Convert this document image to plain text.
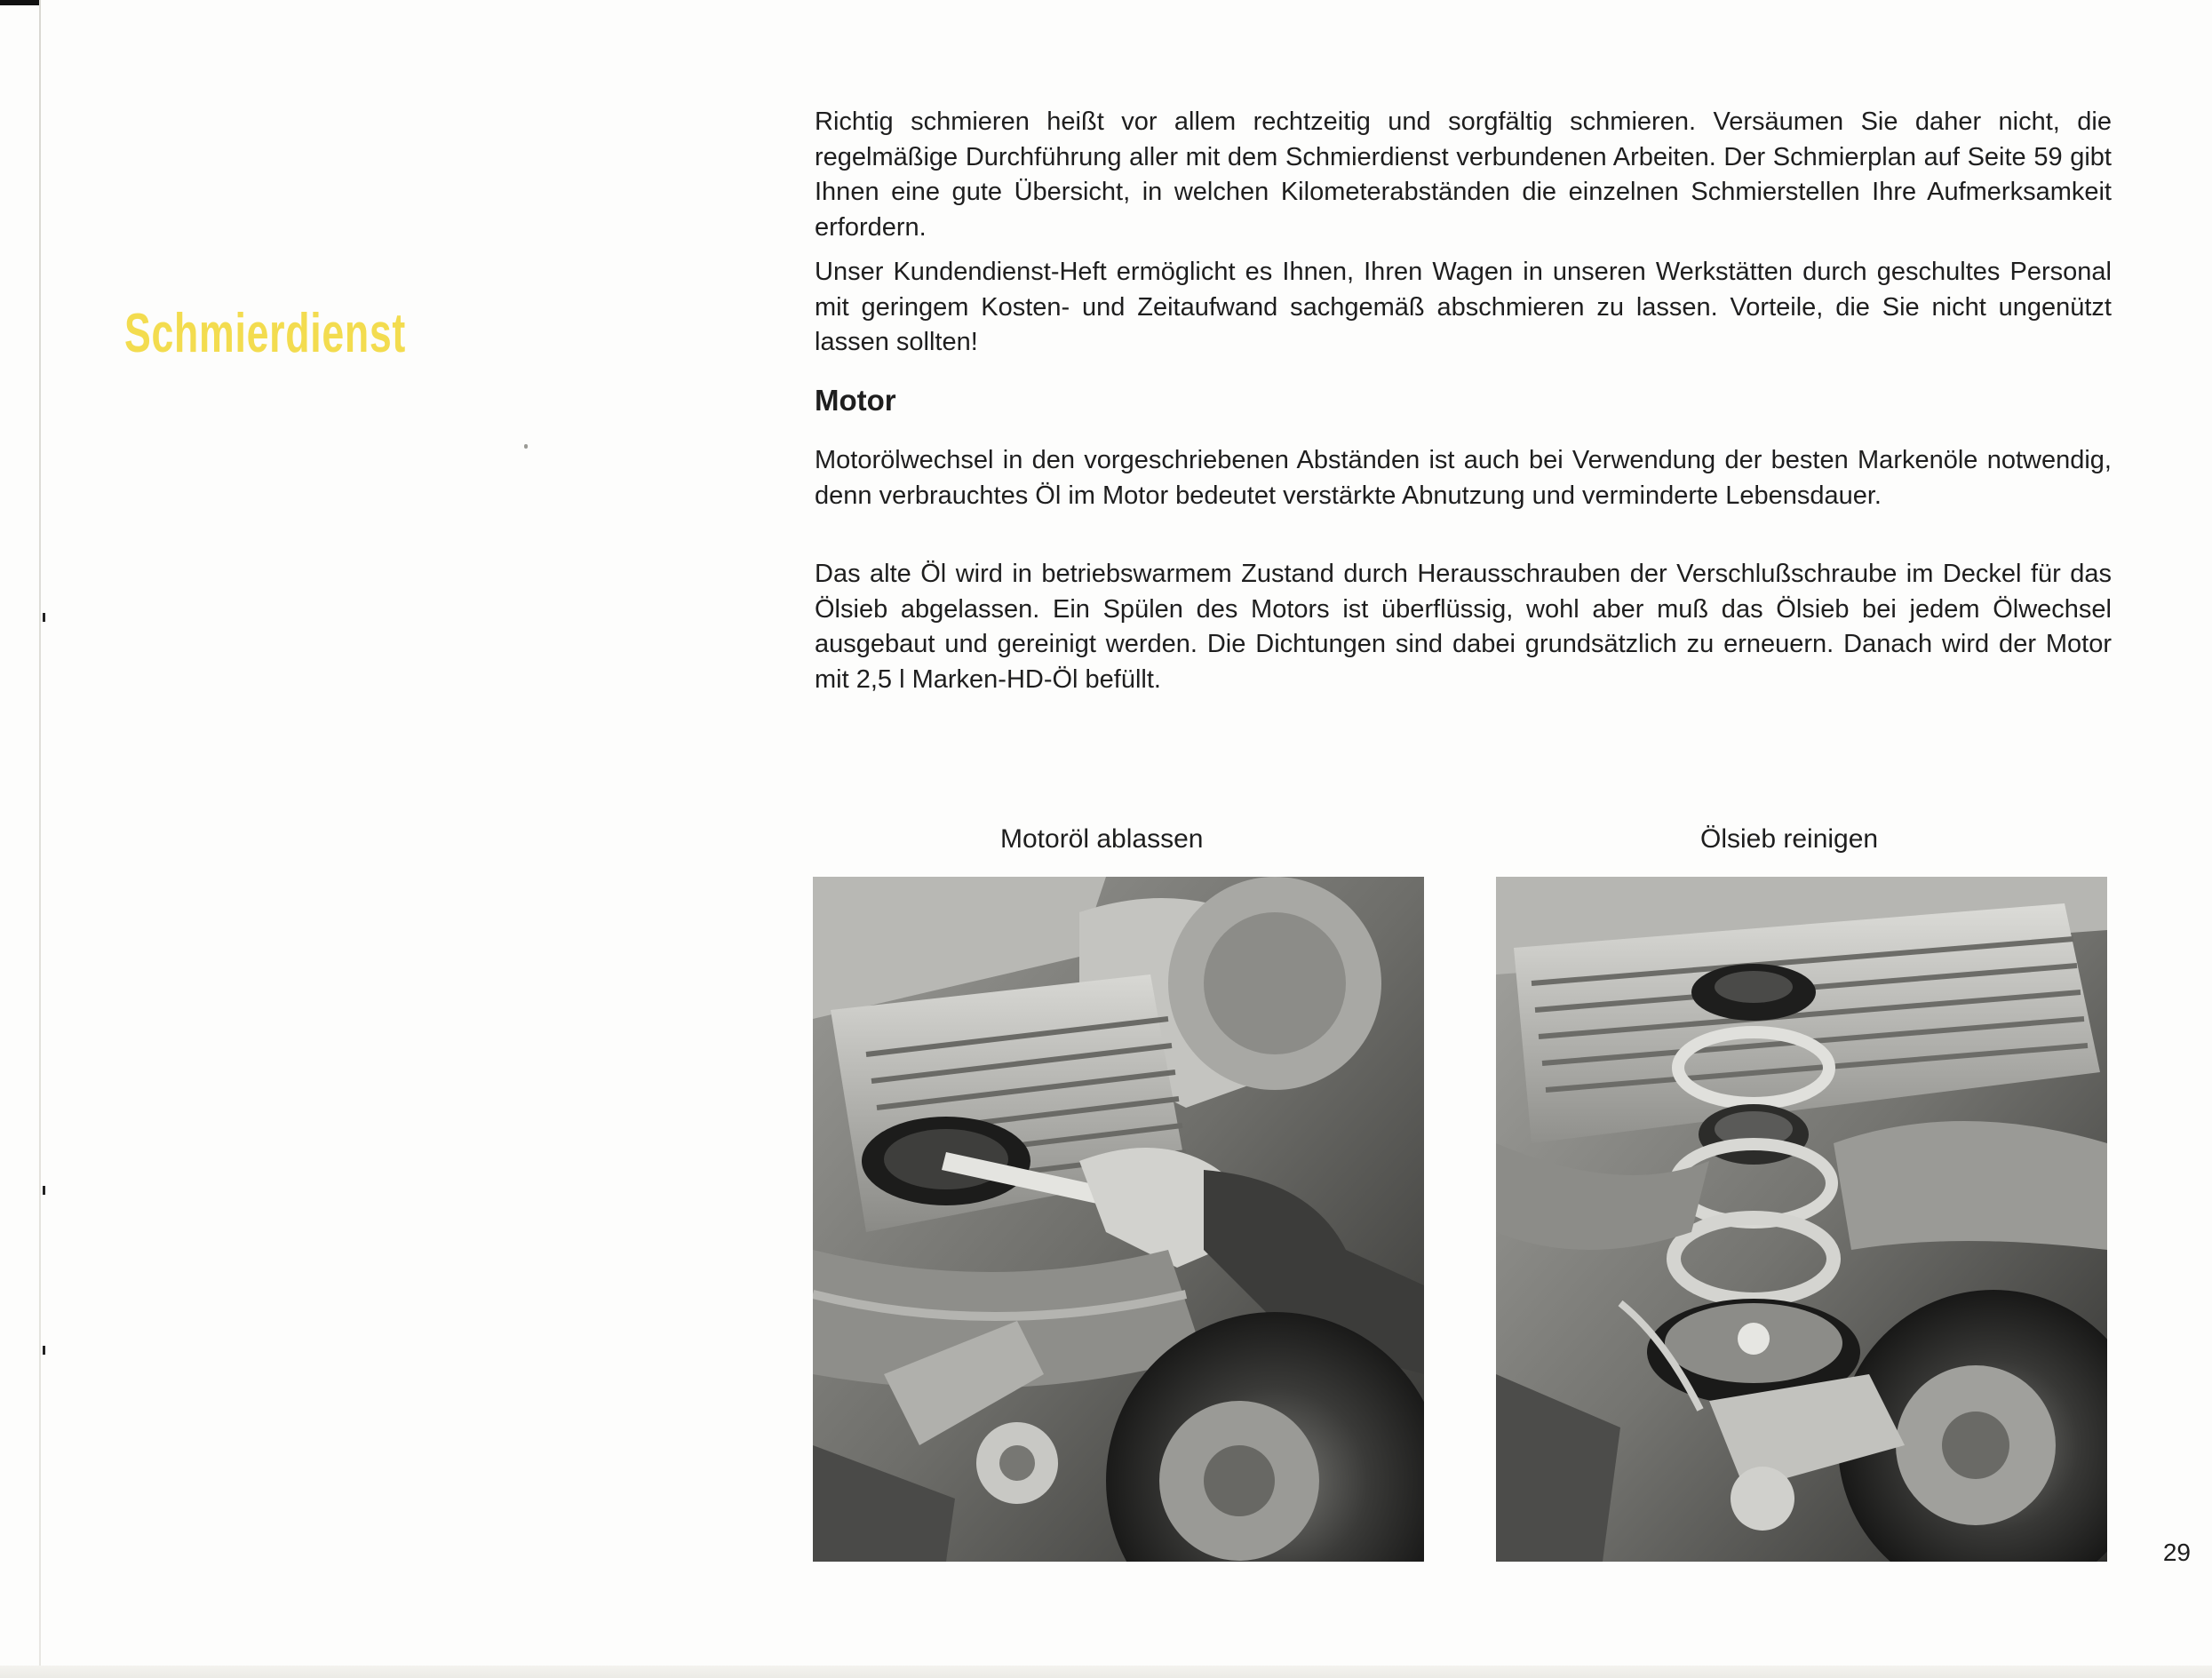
Schmierdienst

Richtig schmieren heißt vor allem rechtzeitig und sorgfältig schmieren. Versäumen Sie daher nicht, die regelmäßige Durchführung aller mit dem Schmierdienst verbundenen Arbeiten. Der Schmierplan auf Seite 59 gibt Ihnen eine gute Übersicht, in welchen Kilometerabständen die einzelnen Schmierstellen Ihre Aufmerksamkeit erfordern.

Unser Kundendienst-Heft ermöglicht es Ihnen, Ihren Wagen in unseren Werkstätten durch geschultes Personal mit geringem Kosten- und Zeitaufwand sachgemäß abschmieren zu lassen. Vorteile, die Sie nicht ungenützt lassen sollten!

Motor

Motorölwechsel in den vorgeschriebenen Abständen ist auch bei Verwendung der besten Markenöle notwendig, denn verbrauchtes Öl im Motor bedeutet verstärkte Abnutzung und verminderte Lebensdauer.

Das alte Öl wird in betriebswarmem Zustand durch Herausschrauben der Verschlußschraube im Deckel für das Ölsieb abgelassen. Ein Spülen des Motors ist überflüssig, wohl aber muß das Ölsieb bei jedem Ölwechsel ausgebaut und gereinigt werden. Die Dichtungen sind dabei grundsätzlich zu erneuern. Danach wird der Motor mit 2,5 l Marken-HD-Öl befüllt.

Motoröl ablassen	Ölsieb reinigen
29
